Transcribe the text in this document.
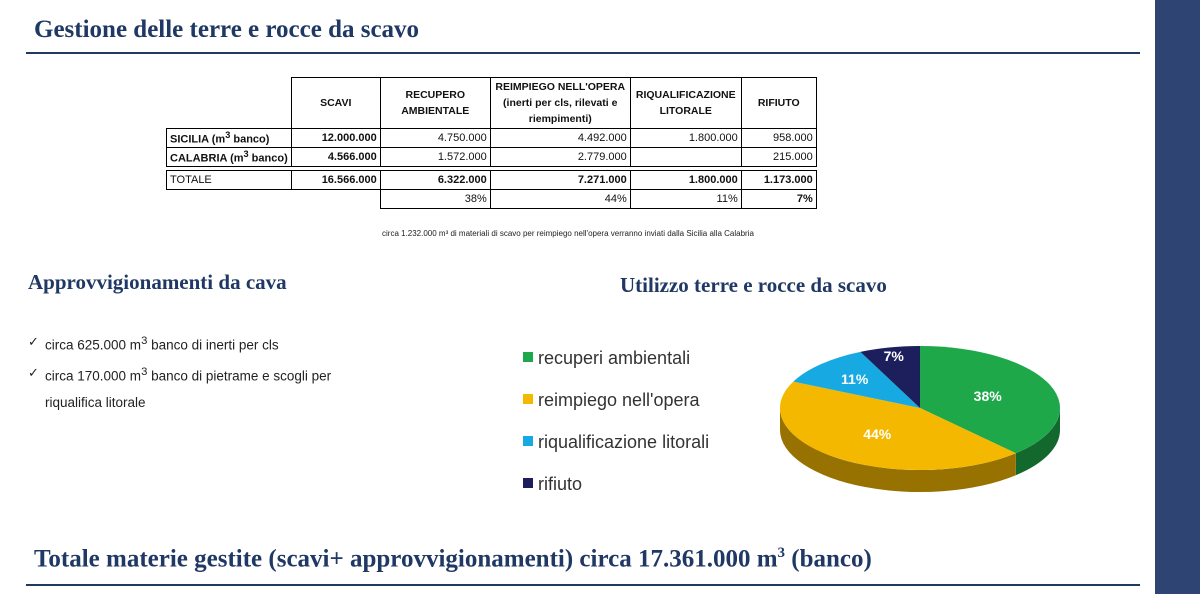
Gestione delle terre e rocce da scavo
	SCAVI	RECUPERO AMBIENTALE	REIMPIEGO NELL'OPERA (inerti per cls, rilevati e riempimenti)	RIQUALIFICAZIONE LITORALE	RIFIUTO
SICILIA ($m^3$ banco)	12.000.000	4.750.000	4.492.000	1.800.000	958.000
CALABRIA ($m^3$ banco)	4.566.000	1.572.000	2.779.000		215.000

TOTALE	16.566.000	6.322.000	7.271.000	1.800.000	1.173.000
		38%	44%	11%	7%
circa 1.232.000 m³ di materiali di scavo per reimpiego nell'opera verranno inviati dalla Sicilia alla Calabria
Approvvigionamenti da cava
✓ circa 625.000 $m^3$ banco di inerti per cls
✓ circa 170.000 $m^3$ banco di pietrame e scogli per riqualifica litorale
Utilizzo terre e rocce da scavo
recuperi ambientali
reimpiego nell'opera
riqualificazione litorali
rifiuto
38%
44%
11%
7%
Totale materie gestite (scavi+ approvvigionamenti) circa 17.361.000 $m^3$ (banco)
